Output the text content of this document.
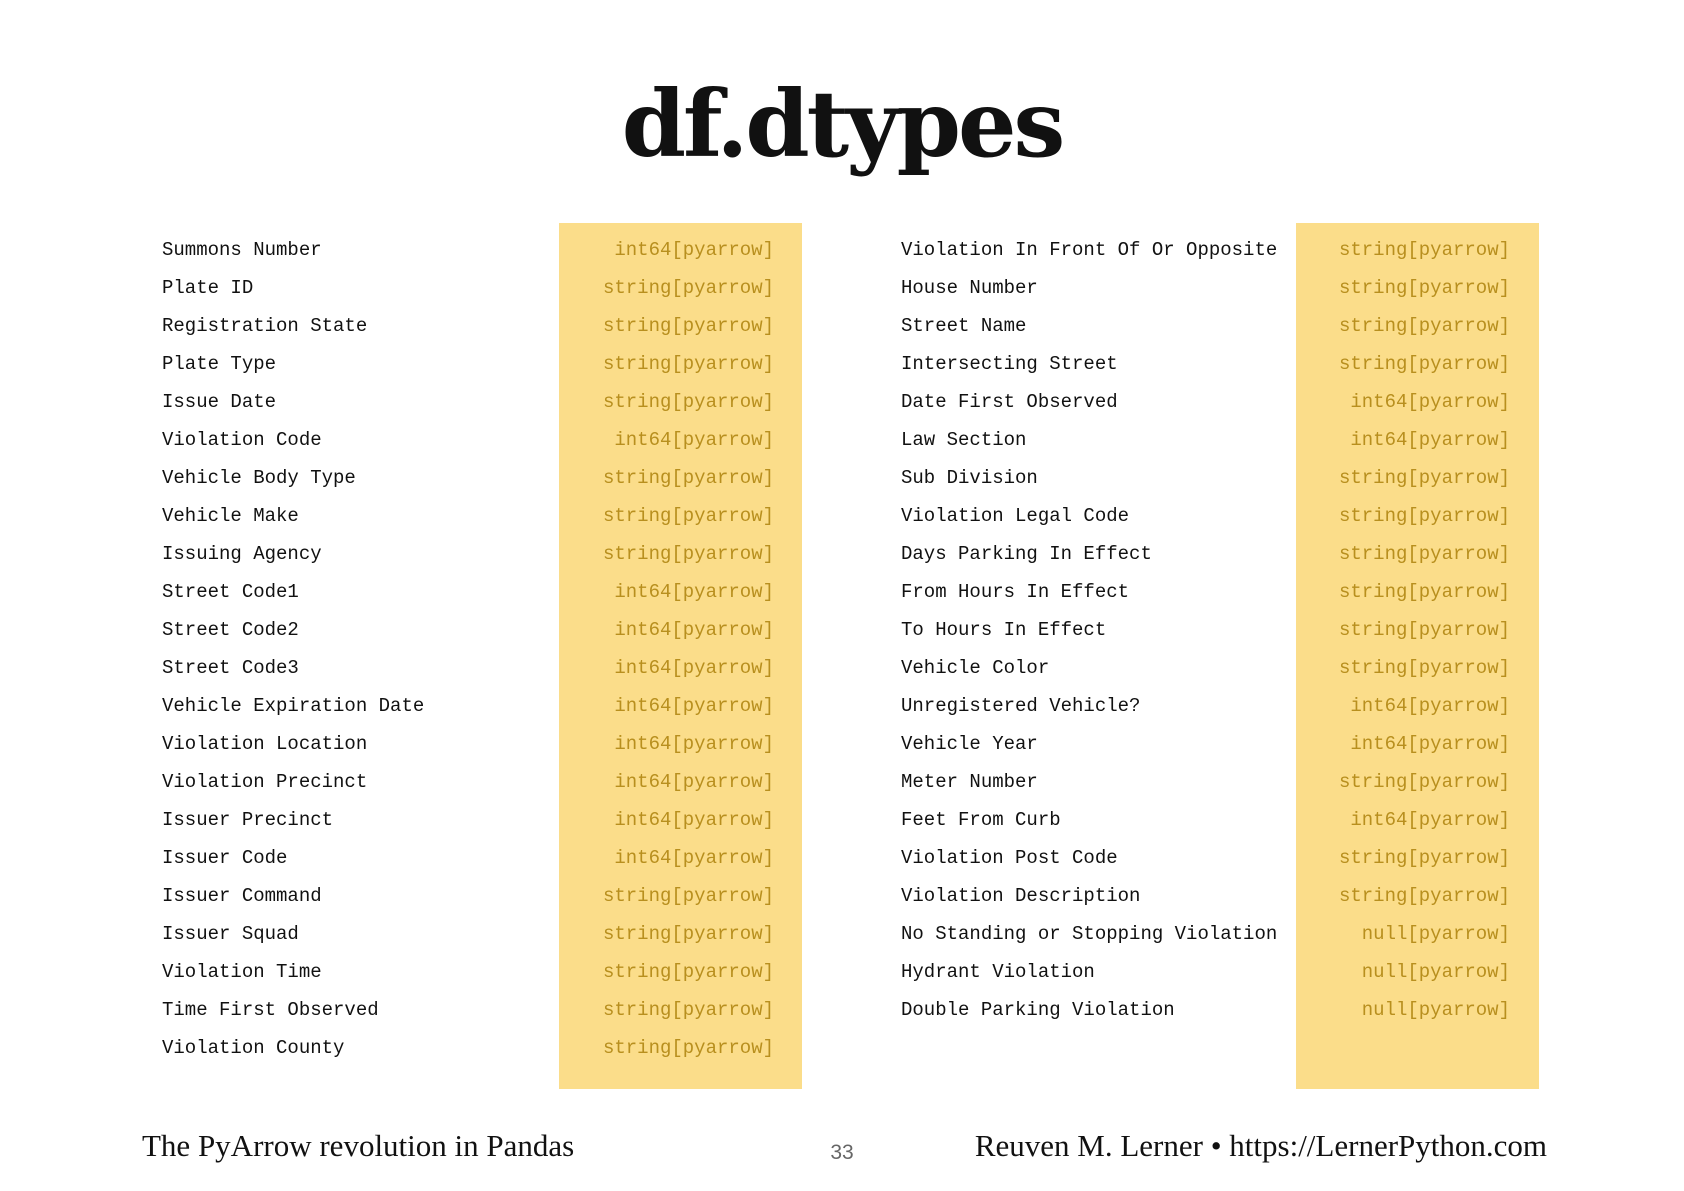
df.dtypes
Summons Number	int64[pyarrow]
Plate ID	string[pyarrow]
Registration State	string[pyarrow]
Plate Type	string[pyarrow]
Issue Date	string[pyarrow]
Violation Code	int64[pyarrow]
Vehicle Body Type	string[pyarrow]
Vehicle Make	string[pyarrow]
Issuing Agency	string[pyarrow]
Street Code1	int64[pyarrow]
Street Code2	int64[pyarrow]
Street Code3	int64[pyarrow]
Vehicle Expiration Date	int64[pyarrow]
Violation Location	int64[pyarrow]
Violation Precinct	int64[pyarrow]
Issuer Precinct	int64[pyarrow]
Issuer Code	int64[pyarrow]
Issuer Command	string[pyarrow]
Issuer Squad	string[pyarrow]
Violation Time	string[pyarrow]
Time First Observed	string[pyarrow]
Violation County	string[pyarrow]
Violation In Front Of Or Opposite	string[pyarrow]
House Number	string[pyarrow]
Street Name	string[pyarrow]
Intersecting Street	string[pyarrow]
Date First Observed	int64[pyarrow]
Law Section	int64[pyarrow]
Sub Division	string[pyarrow]
Violation Legal Code	string[pyarrow]
Days Parking In Effect	string[pyarrow]
From Hours In Effect	string[pyarrow]
To Hours In Effect	string[pyarrow]
Vehicle Color	string[pyarrow]
Unregistered Vehicle?	int64[pyarrow]
Vehicle Year	int64[pyarrow]
Meter Number	string[pyarrow]
Feet From Curb	int64[pyarrow]
Violation Post Code	string[pyarrow]
Violation Description	string[pyarrow]
No Standing or Stopping Violation	null[pyarrow]
Hydrant Violation	null[pyarrow]
Double Parking Violation	null[pyarrow]
The PyArrow revolution in Pandas	33	Reuven M. Lerner • https://LernerPython.com
